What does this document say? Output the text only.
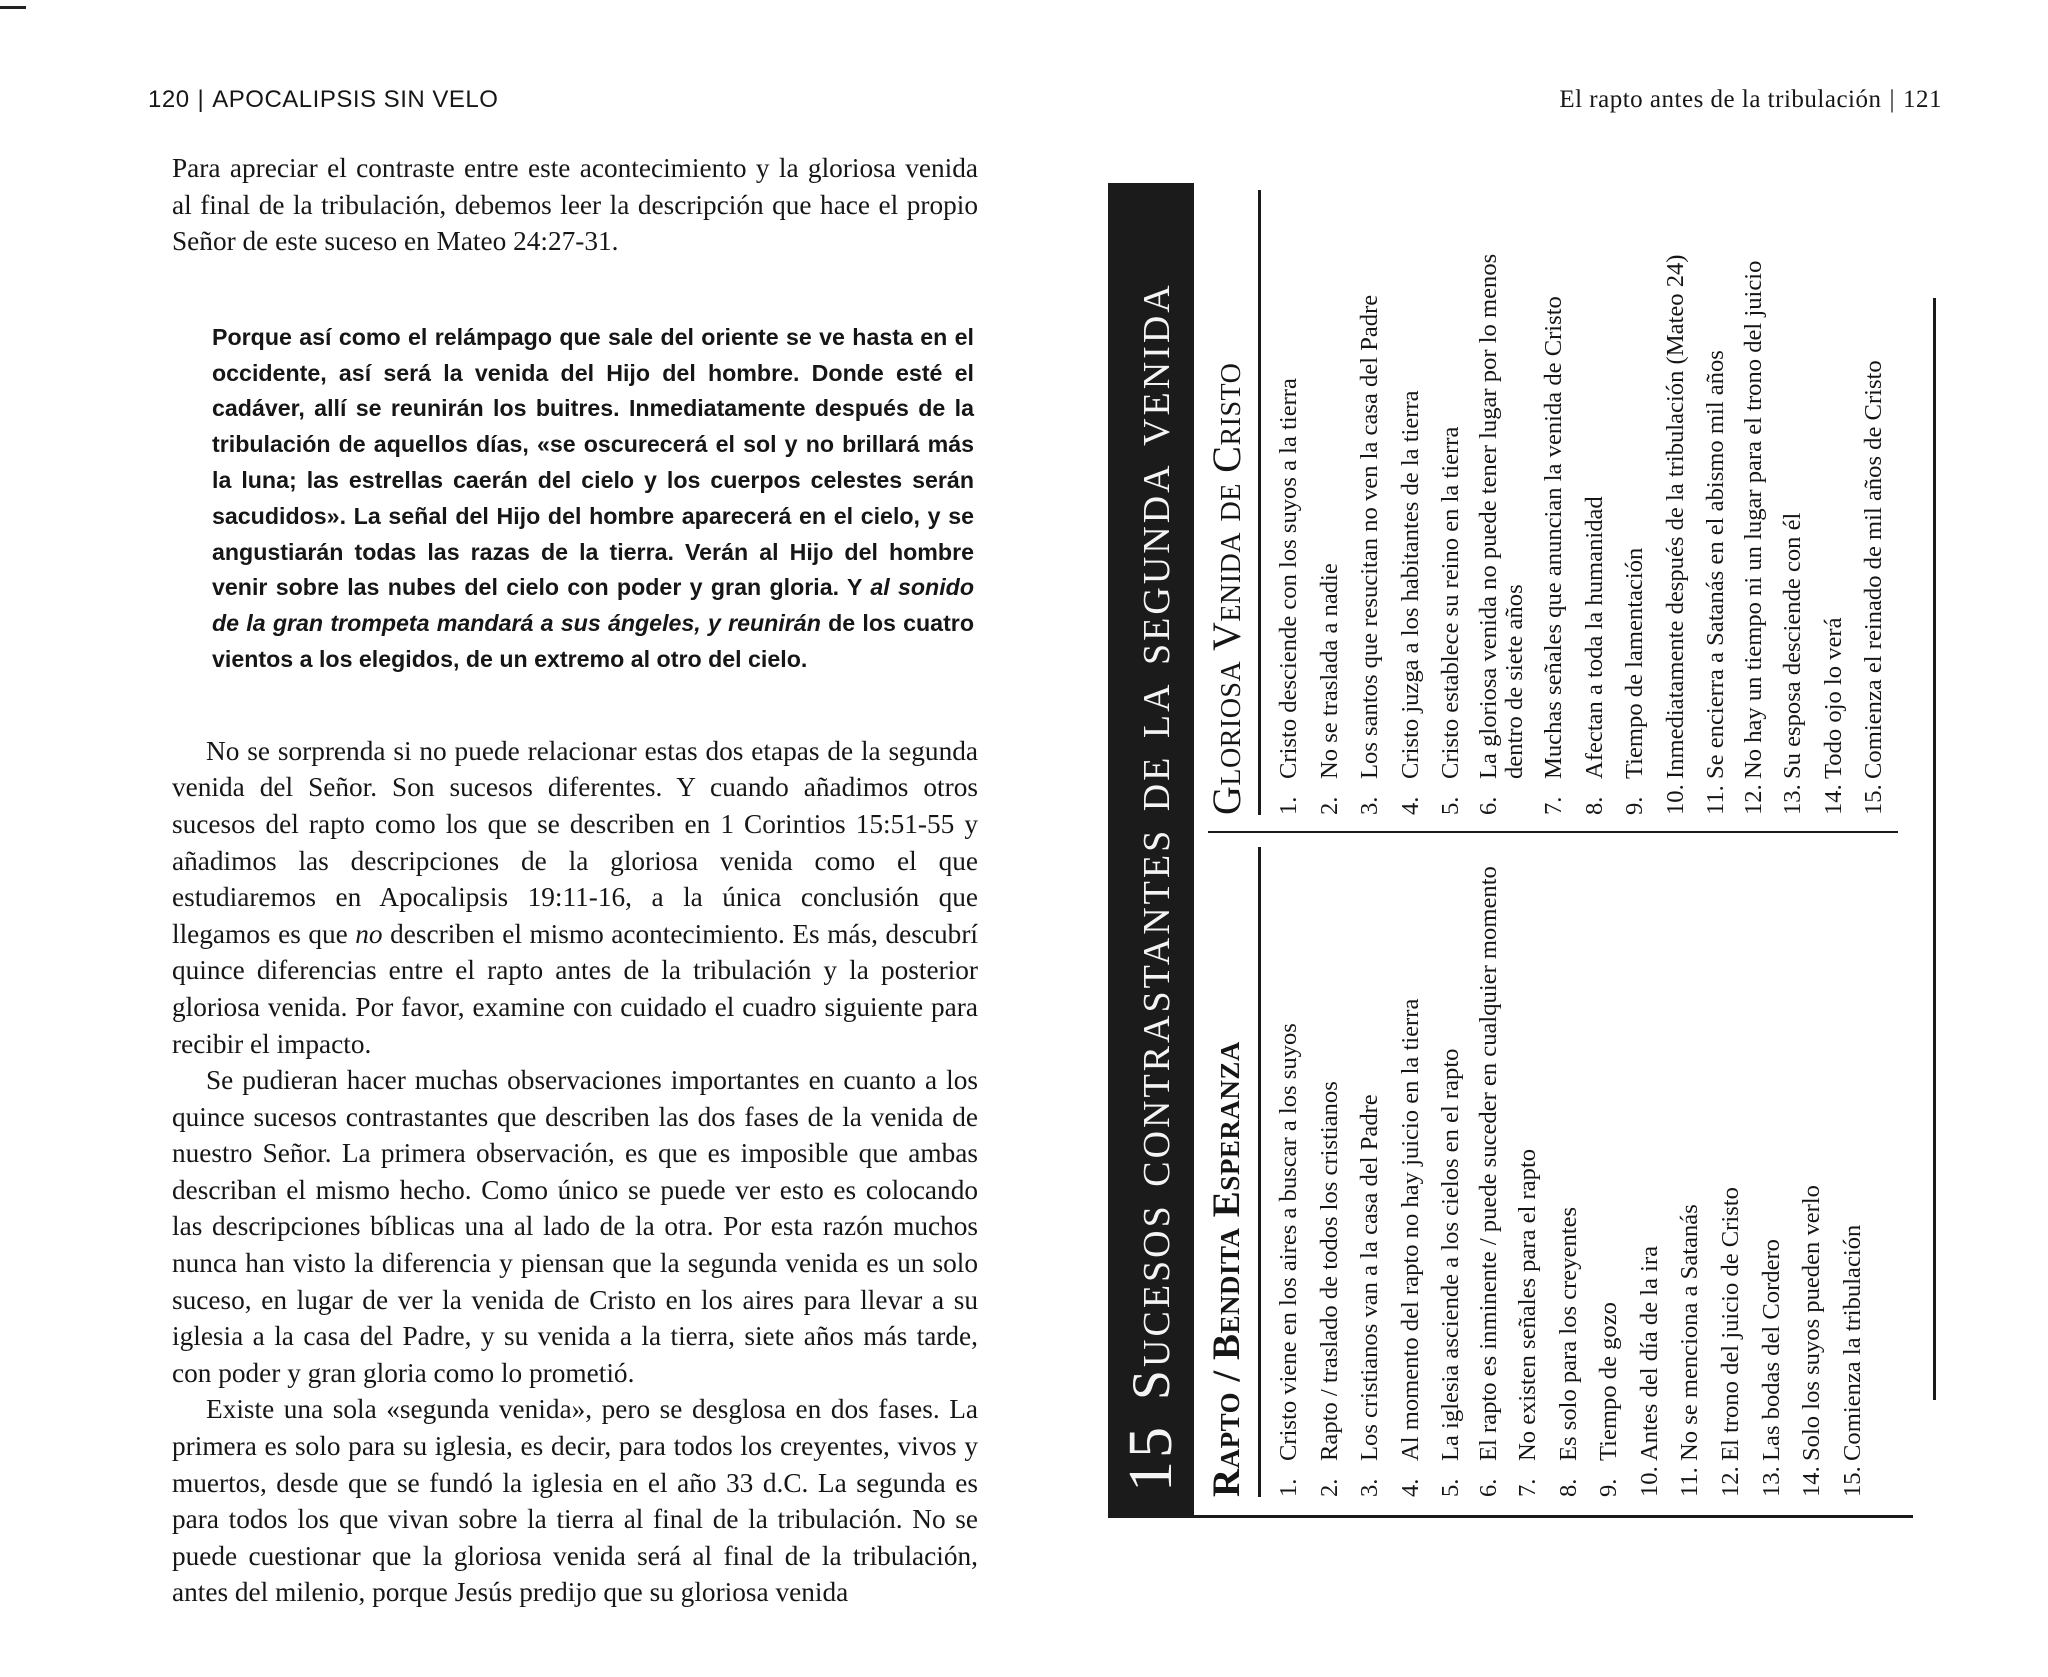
120 | APOCALIPSIS SIN VELO

Para apreciar el contraste entre este acontecimiento y la gloriosa venida al final de la tribulación, debemos leer la descripción que hace el propio Señor de este suceso en Mateo 24:27-31.

Porque así como el relámpago que sale del oriente se ve hasta en el occidente, así será la venida del Hijo del hombre. Donde esté el cadáver, allí se reunirán los buitres. Inmediatamente después de la tribulación de aquellos días, «se oscurecerá el sol y no brillará más la luna; las estrellas caerán del cielo y los cuerpos celestes serán sacudidos». La señal del Hijo del hombre aparecerá en el cielo, y se angustiarán todas las razas de la tierra. Verán al Hijo del hombre venir sobre las nubes del cielo con poder y gran gloria. Y al sonido de la gran trompeta mandará a sus ángeles, y reunirán de los cuatro vientos a los elegidos, de un extremo al otro del cielo.

No se sorprenda si no puede relacionar estas dos etapas de la segunda venida del Señor. Son sucesos diferentes. Y cuando añadimos otros sucesos del rapto como los que se describen en 1 Corintios 15:51-55 y añadimos las descripciones de la gloriosa venida como el que estudiaremos en Apocalipsis 19:11-16, a la única conclusión que llegamos es que no describen el mismo acontecimiento. Es más, descubrí quince diferencias entre el rapto antes de la tribulación y la posterior gloriosa venida. Por favor, examine con cuidado el cuadro siguiente para recibir el impacto.

Se pudieran hacer muchas observaciones importantes en cuanto a los quince sucesos contrastantes que describen las dos fases de la venida de nuestro Señor. La primera observación, es que es imposible que ambas describan el mismo hecho. Como único se puede ver esto es colocando las descripciones bíblicas una al lado de la otra. Por esta razón muchos nunca han visto la diferencia y piensan que la segunda venida es un solo suceso, en lugar de ver la venida de Cristo en los aires para llevar a su iglesia a la casa del Padre, y su venida a la tierra, siete años más tarde, con poder y gran gloria como lo prometió.

Existe una sola «segunda venida», pero se desglosa en dos fases. La primera es solo para su iglesia, es decir, para todos los creyentes, vivos y muertos, desde que se fundó la iglesia en el año 33 d.C. La segunda es para todos los que vivan sobre la tierra al final de la tribulación. No se puede cuestionar que la gloriosa venida será al final de la tribulación, antes del milenio, porque Jesús predijo que su gloriosa venida

El rapto antes de la tribulación | 121
15
Sucesos contrastantes de la segunda venida Rapto / Bendita Esperanza	1.
Cristo viene en los aires a buscar a los suyos
2.
Rapto / traslado de todos los cristianos
3.
Los cristianos van a la casa del Padre
4.
Al momento del rapto no hay juicio en la tierra
5.
La iglesia asciende a los cielos en el rapto
6.
El rapto es inminente / puede suceder en cualquier momento
7.
No existen señales para el rapto
8.
Es solo para los creyentes
9.
Tiempo de gozo
10.
Antes del día de la ira
11.
No se menciona a Satanás
12.
El trono del juicio de Cristo
13.
Las bodas del Cordero
14.
Solo los suyos pueden verlo
15.
Comienza la tribulación
Gloriosa Venida de Cristo	1.
Cristo desciende con los suyos a la tierra
2.
No se traslada a nadie
3.
Los santos que resucitan no ven la casa del Padre
4.
Cristo juzga a los habitantes de la tierra
5.
Cristo establece su reino en la tierra
6.
La gloriosa venida no puede tener lugar por lo menos dentro de siete años
7.
Muchas señales que anuncian la venida de Cristo
8.
Afectan a toda la humanidad
9.
Tiempo de lamentación
10.
Inmediatamente después de la tribulación (Mateo 24)
11.
Se encierra a Satanás en el abismo mil años
12.
No hay un tiempo ni un lugar para el trono del juicio
13.
Su esposa desciende con él
14.
Todo ojo lo verá
15.
Comienza el reinado de mil años de Cristo
